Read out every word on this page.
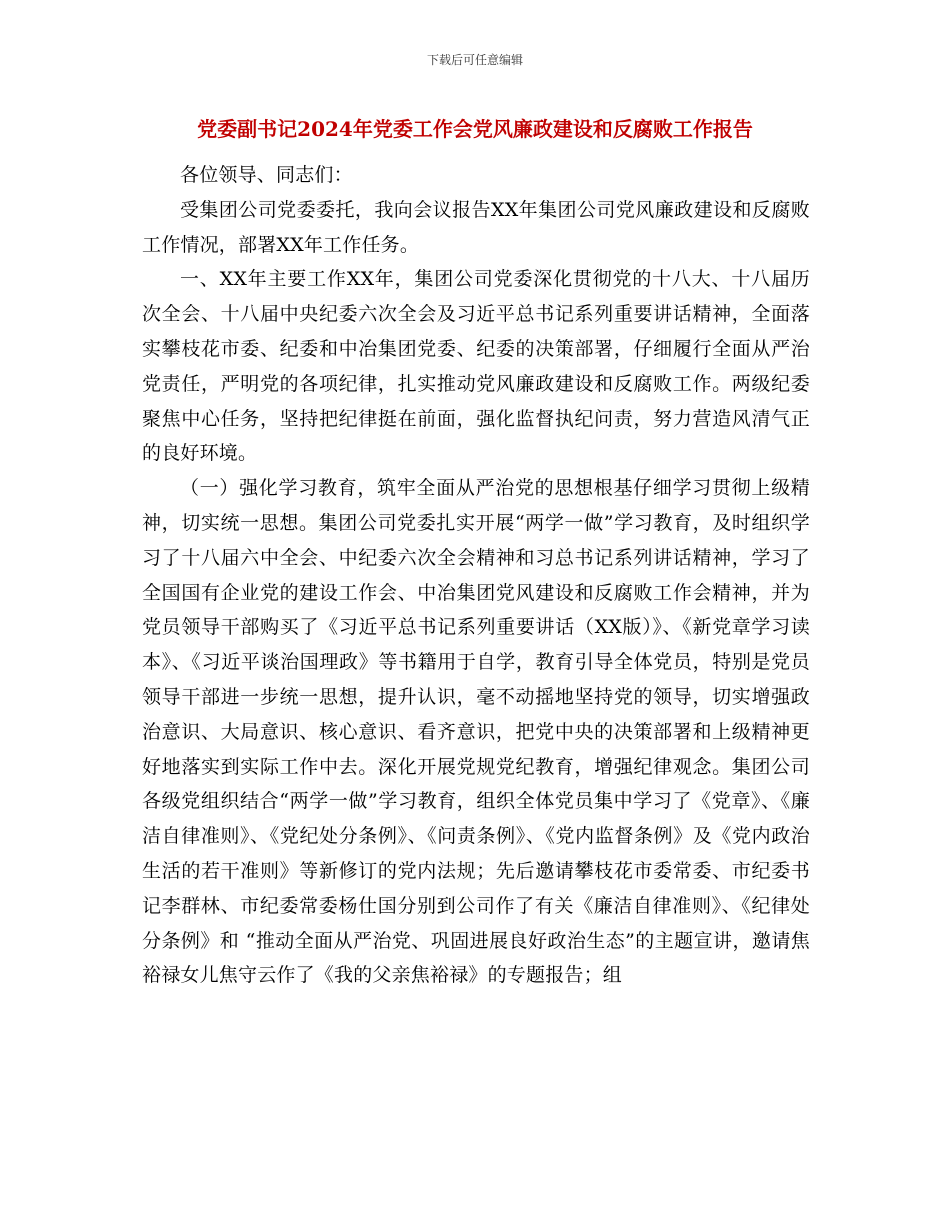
下载后可任意编辑
党委副书记2024年党委工作会党风廉政建设和反腐败工作报告

各位领导、同志们：

受集团公司党委委托，我向会议报告XX年集团公司党风廉政建设和反腐败工作情况，部署XX年工作任务。

一、XX年主要工作XX年，集团公司党委深化贯彻党的十八大、十八届历次全会、十八届中央纪委六次全会及习近平总书记系列重要讲话精神，全面落实攀枝花市委、纪委和中冶集团党委、纪委的决策部署，仔细履行全面从严治党责任，严明党的各项纪律，扎实推动党风廉政建设和反腐败工作。两级纪委聚焦中心任务，坚持把纪律挺在前面，强化监督执纪问责，努力营造风清气正的良好环境。

（一）强化学习教育，筑牢全面从严治党的思想根基仔细学习贯彻上级精神，切实统一思想。集团公司党委扎实开展“两学一做”学习教育，及时组织学习了十八届六中全会、中纪委六次全会精神和习总书记系列讲话精神，学习了全国国有企业党的建设工作会、中冶集团党风建设和反腐败工作会精神，并为党员领导干部购买了《习近平总书记系列重要讲话（XX版）》、《新党章学习读本》、《习近平谈治国理政》等书籍用于自学，教育引导全体党员，特别是党员领导干部进一步统一思想，提升认识，毫不动摇地坚持党的领导，切实增强政治意识、大局意识、核心意识、看齐意识，把党中央的决策部署和上级精神更好地落实到实际工作中去。深化开展党规党纪教育，增强纪律观念。集团公司各级党组织结合“两学一做”学习教育，组织全体党员集中学习了《党章》、《廉洁自律准则》、《党纪处分条例》、《问责条例》、《党内监督条例》及《党内政治生活的若干准则》等新修订的党内法规；先后邀请攀枝花市委常委、市纪委书记李群林、市纪委常委杨仕国分别到公司作了有关《廉洁自律准则》、《纪律处分条例》和 “推动全面从严治党、巩固进展良好政治生态”的主题宣讲，邀请焦裕禄女儿焦守云作了《我的父亲焦裕禄》的专题报告；组
